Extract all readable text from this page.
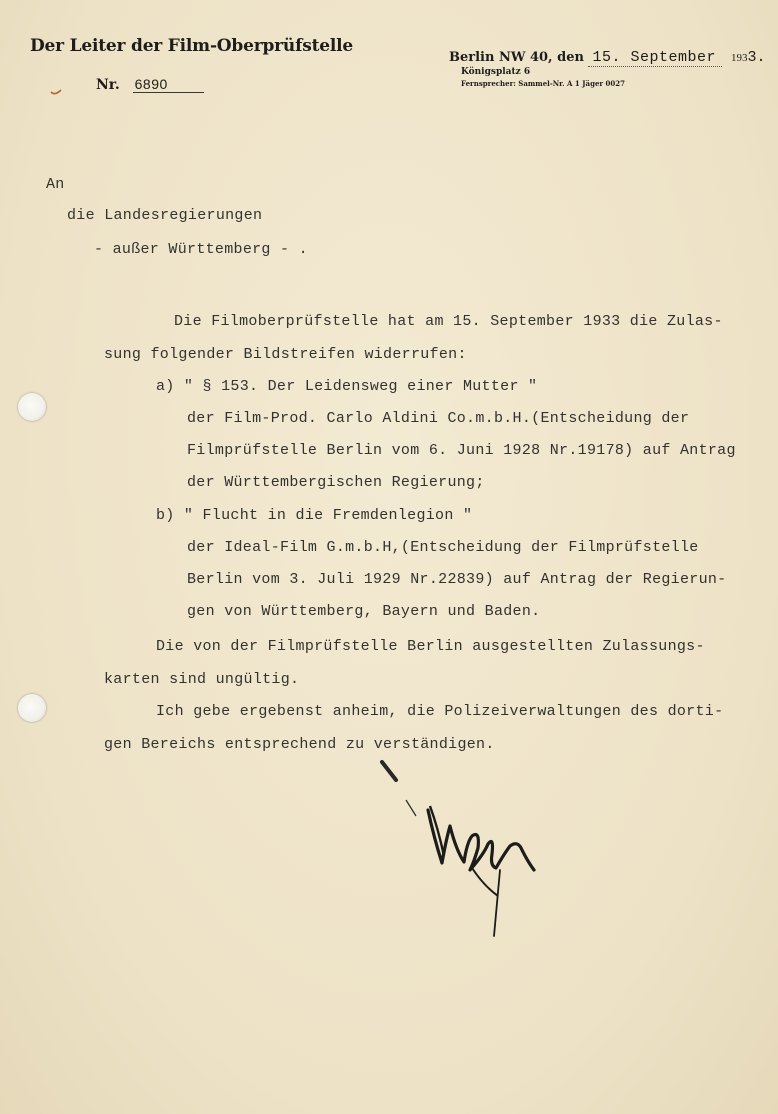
Der Leiter der Film-Oberprüfstelle
Nr. 6890
Berlin NW 40, den 15. September 1933.
Königsplatz 6
Fernsprecher: Sammel-Nr. A 1 Jäger 0027
An
die Landesregierungen
- außer Württemberg - .
Die Filmoberprüfstelle hat am 15. September 1933 die Zulas-
sung folgender Bildstreifen widerrufen:
a) " § 153. Der Leidensweg einer Mutter "
der Film-Prod. Carlo Aldini Co.m.b.H.(Entscheidung der
Filmprüfstelle Berlin vom 6. Juni 1928 Nr.19178) auf Antrag
der Württembergischen Regierung;
b) " Flucht in die Fremdenlegion "
der Ideal-Film G.m.b.H,(Entscheidung der Filmprüfstelle
Berlin vom 3. Juli 1929 Nr.22839) auf Antrag der Regierun-
gen von Württemberg, Bayern und Baden.
Die von der Filmprüfstelle Berlin ausgestellten Zulassungs-
karten sind ungültig.
Ich gebe ergebenst anheim, die Polizeiverwaltungen des dorti-
gen Bereichs entsprechend zu verständigen.
